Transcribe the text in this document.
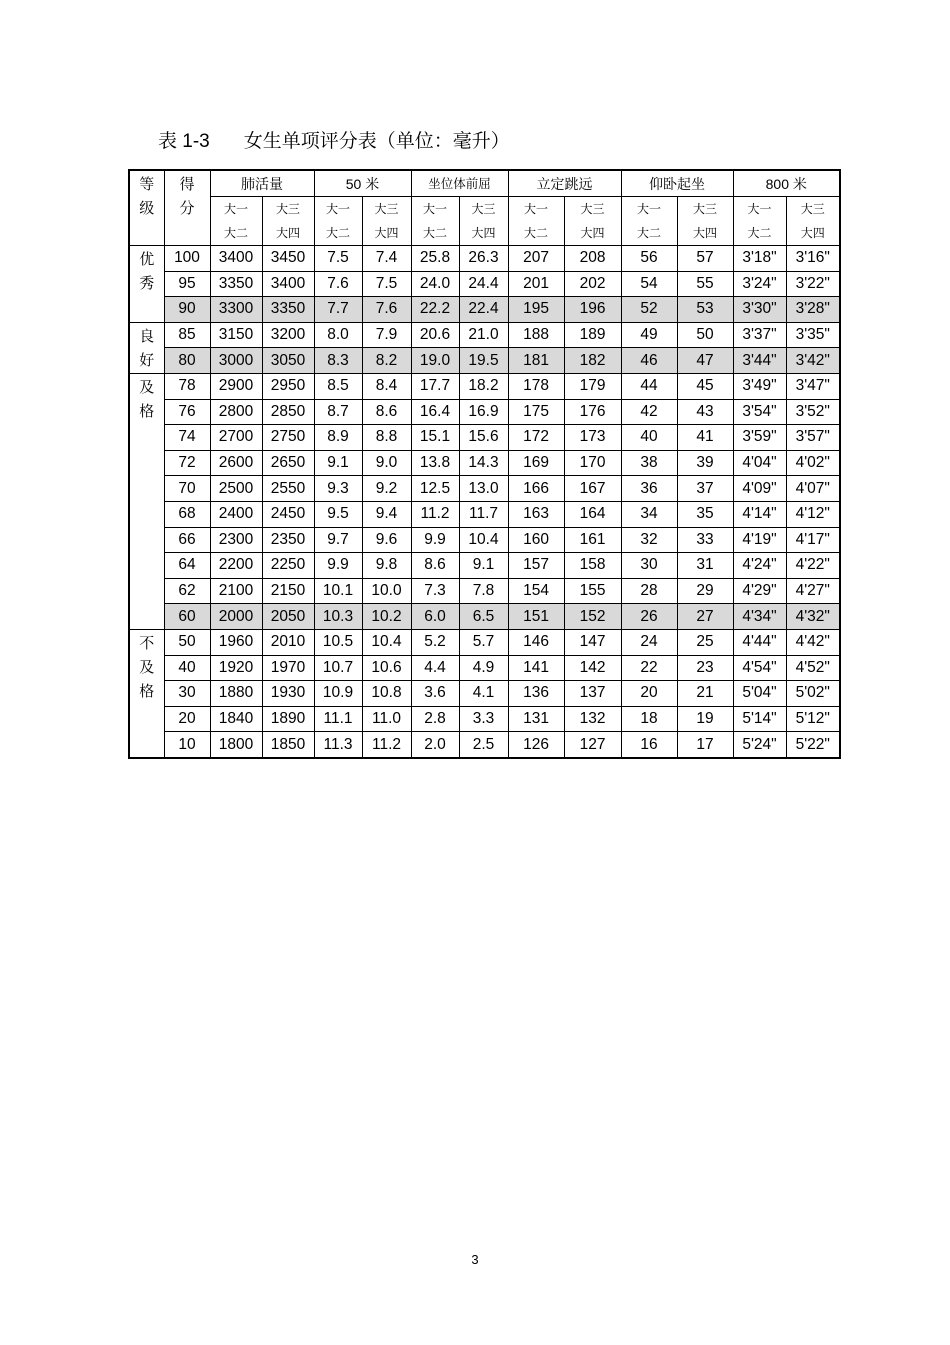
表 1-3 女生单项评分表（单位：毫升）
等
级	得
分	肺活量		50 米		坐位体前屈		立定跳远		仰卧起坐		800 米	
		大一	大三	大一	大三	大一	大三	大一	大三	大一	大三	大一	大三
		大二	大四	大二	大四	大二	大四	大二	大四	大二	大四	大二	大四

优
秀	100	3400	3450	7.5	7.4	25.8	26.3	207	208	56	57	3'18"	3'16"
	95	3350	3400	7.6	7.5	24.0	24.4	201	202	54	55	3'24"	3'22"
	90	3300	3350	7.7	7.6	22.2	22.4	195	196	52	53	3'30"	3'28"

良
好	85	3150	3200	8.0	7.9	20.6	21.0	188	189	49	50	3'37"	3'35"
	80	3000	3050	8.3	8.2	19.0	19.5	181	182	46	47	3'44"	3'42"

及
格	78	2900	2950	8.5	8.4	17.7	18.2	178	179	44	45	3'49"	3'47"
	76	2800	2850	8.7	8.6	16.4	16.9	175	176	42	43	3'54"	3'52"
	74	2700	2750	8.9	8.8	15.1	15.6	172	173	40	41	3'59"	3'57"
	72	2600	2650	9.1	9.0	13.8	14.3	169	170	38	39	4'04"	4'02"
	70	2500	2550	9.3	9.2	12.5	13.0	166	167	36	37	4'09"	4'07"
	68	2400	2450	9.5	9.4	11.2	11.7	163	164	34	35	4'14"	4'12"
	66	2300	2350	9.7	9.6	9.9	10.4	160	161	32	33	4'19"	4'17"
	64	2200	2250	9.9	9.8	8.6	9.1	157	158	30	31	4'24"	4'22"
	62	2100	2150	10.1	10.0	7.3	7.8	154	155	28	29	4'29"	4'27"
	60	2000	2050	10.3	10.2	6.0	6.5	151	152	26	27	4'34"	4'32"

不
及
格	50	1960	2010	10.5	10.4	5.2	5.7	146	147	24	25	4'44"	4'42"
	40	1920	1970	10.7	10.6	4.4	4.9	141	142	22	23	4'54"	4'52"
	30	1880	1930	10.9	10.8	3.6	4.1	136	137	20	21	5'04"	5'02"
	20	1840	1890	11.1	11.0	2.8	3.3	131	132	18	19	5'14"	5'12"
	10	1800	1850	11.3	11.2	2.0	2.5	126	127	16	17	5'24"	5'22"
3
